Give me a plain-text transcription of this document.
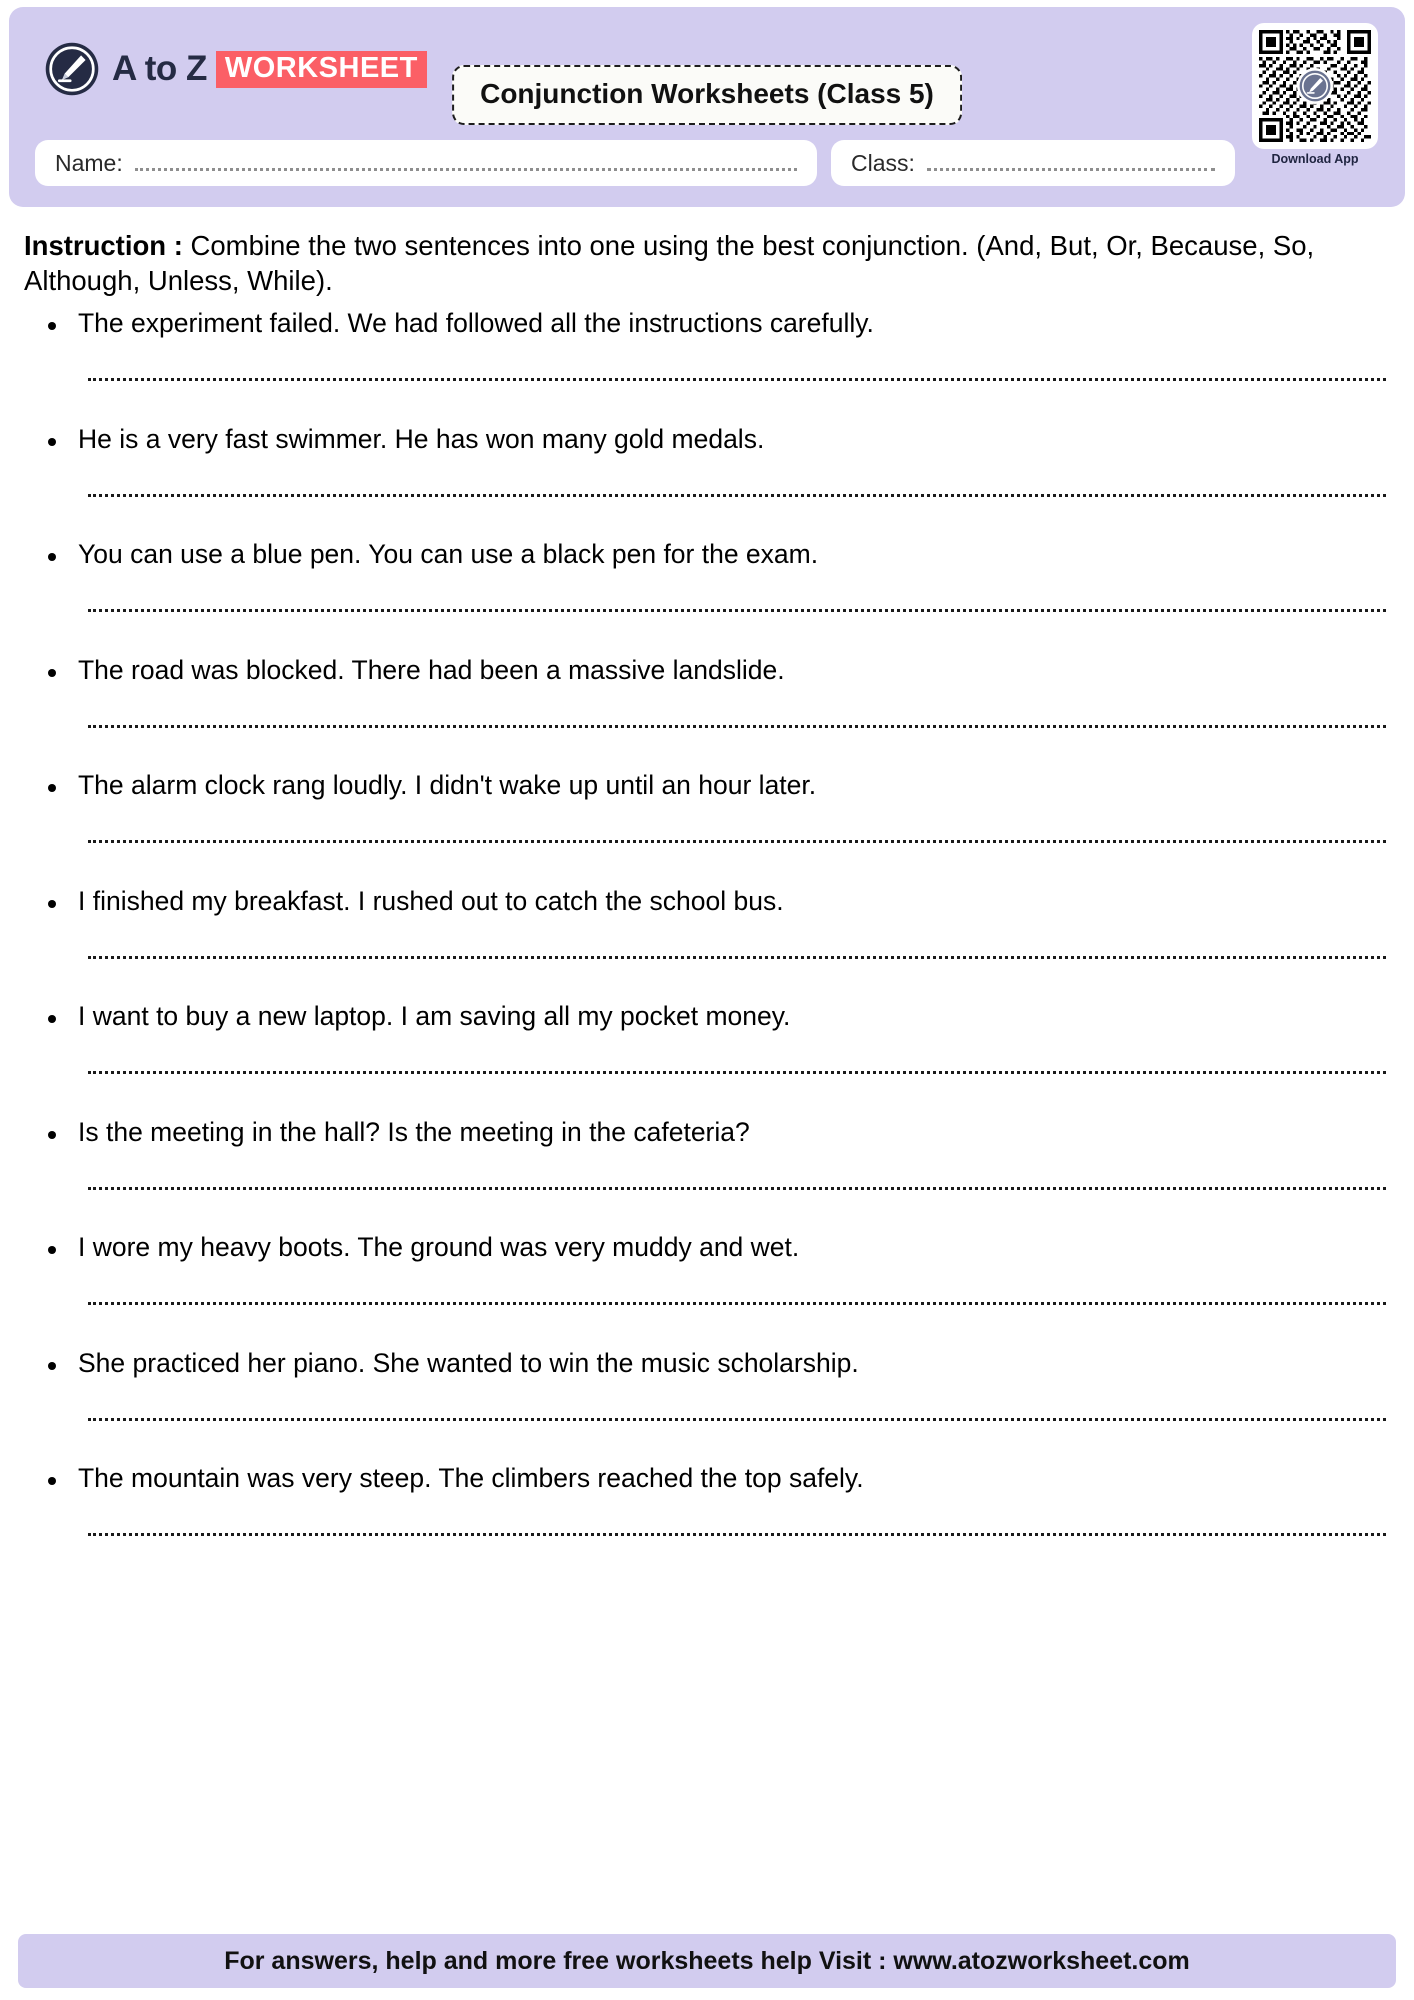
A to Z WORKSHEET
Conjunction Worksheets (Class 5)
Download App
Name:	Class:

Instruction : Combine the two sentences into one using the best conjunction. (And, But, Or, Because, So, Although, Unless, While).

The experiment failed. We had followed all the instructions carefully.
He is a very fast swimmer. He has won many gold medals.
You can use a blue pen. You can use a black pen for the exam.
The road was blocked. There had been a massive landslide.
The alarm clock rang loudly. I didn't wake up until an hour later.
I finished my breakfast. I rushed out to catch the school bus.
I want to buy a new laptop. I am saving all my pocket money.
Is the meeting in the hall? Is the meeting in the cafeteria?
I wore my heavy boots. The ground was very muddy and wet.
She practiced her piano. She wanted to win the music scholarship.
The mountain was very steep. The climbers reached the top safely.
For answers, help and more free worksheets help Visit : www.atozworksheet.com
